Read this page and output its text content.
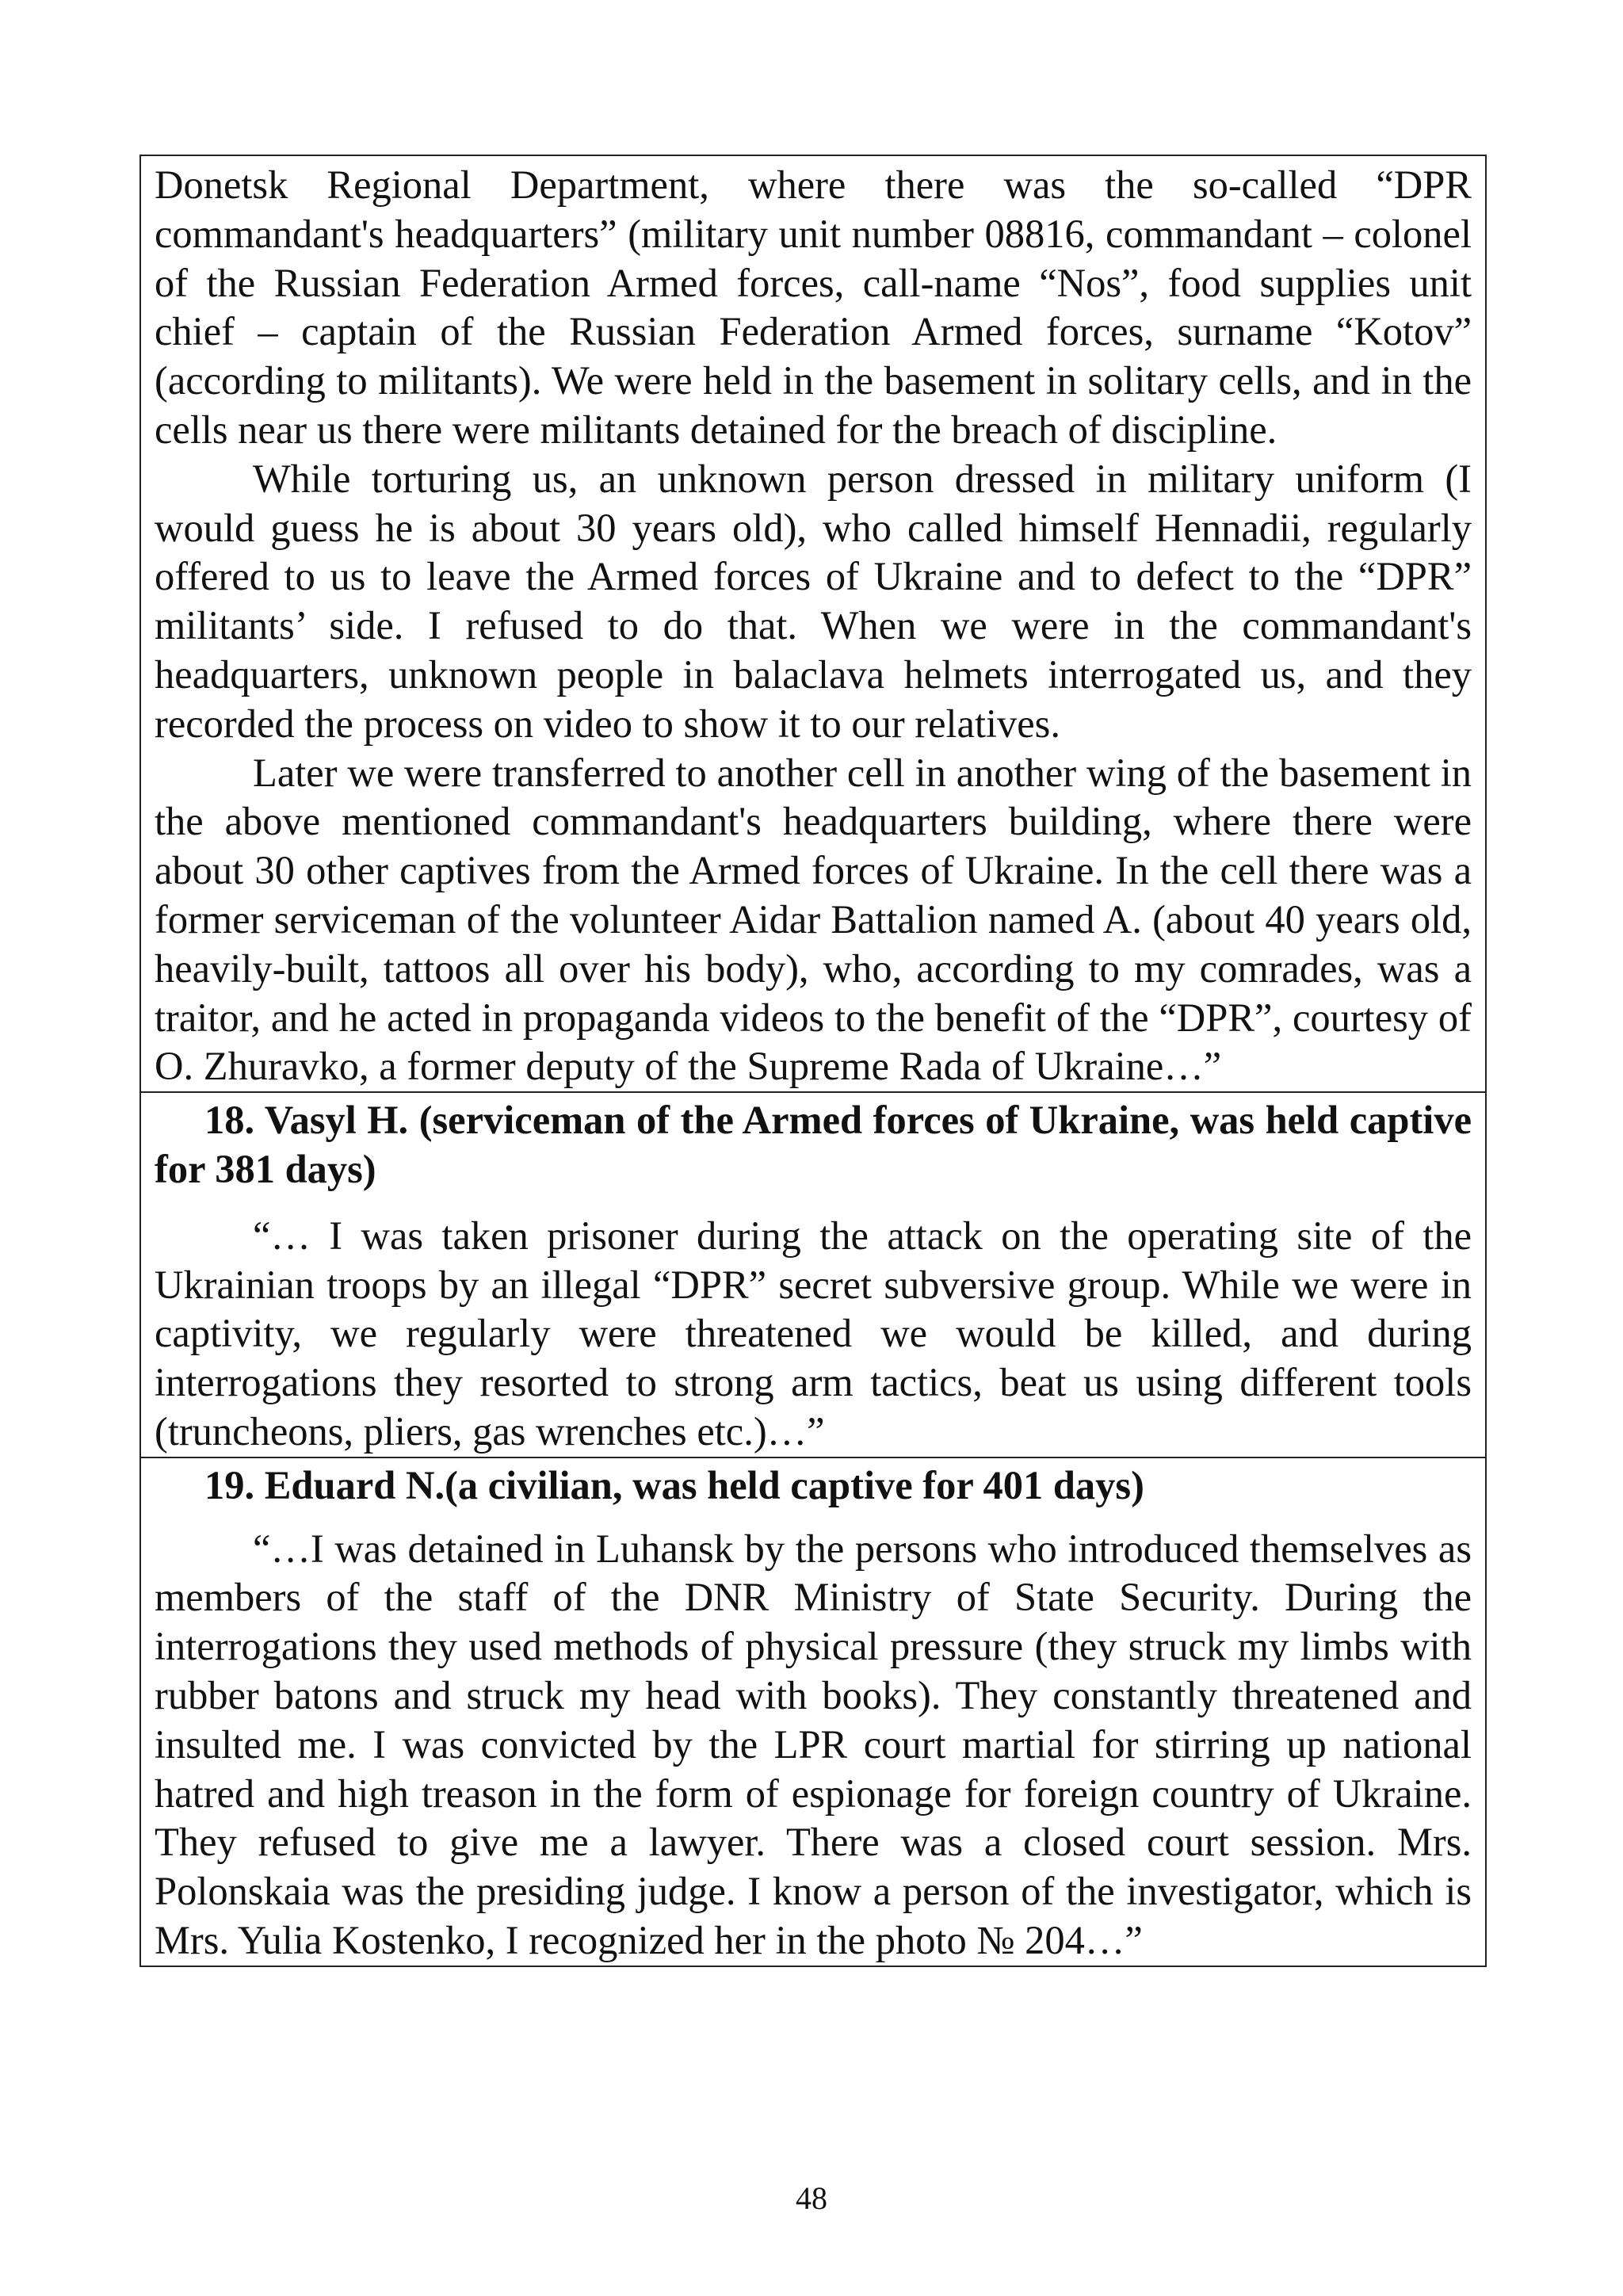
Donetsk Regional Department, where there was the so-called “DPR commandant's headquarters” (military unit number 08816, commandant – colonel of the Russian Federation Armed forces, call-name “Nos”, food supplies unit chief – captain of the Russian Federation Armed forces, surname “Kotov” (according to militants). We were held in the basement in solitary cells, and in the cells near us there were militants detained for the breach of discipline.

While torturing us, an unknown person dressed in military uniform (I would guess he is about 30 years old), who called himself Hennadii, regularly offered to us to leave the Armed forces of Ukraine and to defect to the “DPR” militants’ side. I refused to do that. When we were in the commandant's headquarters, unknown people in balaclava helmets interrogated us, and they recorded the process on video to show it to our relatives.

Later we were transferred to another cell in another wing of the basement in the above mentioned commandant's headquarters building, where there were about 30 other captives from the Armed forces of Ukraine. In the cell there was a former serviceman of the volunteer Aidar Battalion named A. (about 40 years old, heavily-built, tattoos all over his body), who, according to my comrades, was a traitor, and he acted in propaganda videos to the benefit of the “DPR”, courtesy of O. Zhuravko, a former deputy of the Supreme Rada of Ukraine…”

18. Vasyl H. (serviceman of the Armed forces of Ukraine, was held captive for 381 days)

“… I was taken prisoner during the attack on the operating site of the Ukrainian troops by an illegal “DPR” secret subversive group. While we were in captivity, we regularly were threatened we would be killed, and during interrogations they resorted to strong arm tactics, beat us using different tools (truncheons, pliers, gas wrenches etc.)…”

19. Eduard N.(a civilian, was held captive for 401 days)

“…I was detained in Luhansk by the persons who introduced themselves as members of the staff of the DNR Ministry of State Security. During the interrogations they used methods of physical pressure (they struck my limbs with rubber batons and struck my head with books). They constantly threatened and insulted me. I was convicted by the LPR court martial for stirring up national hatred and high treason in the form of espionage for foreign country of Ukraine. They refused to give me a lawyer. There was a closed court session. Mrs. Polonskaia was the presiding judge. I know a person of the investigator, which is Mrs. Yulia Kostenko, I recognized her in the photo № 204…”

48
